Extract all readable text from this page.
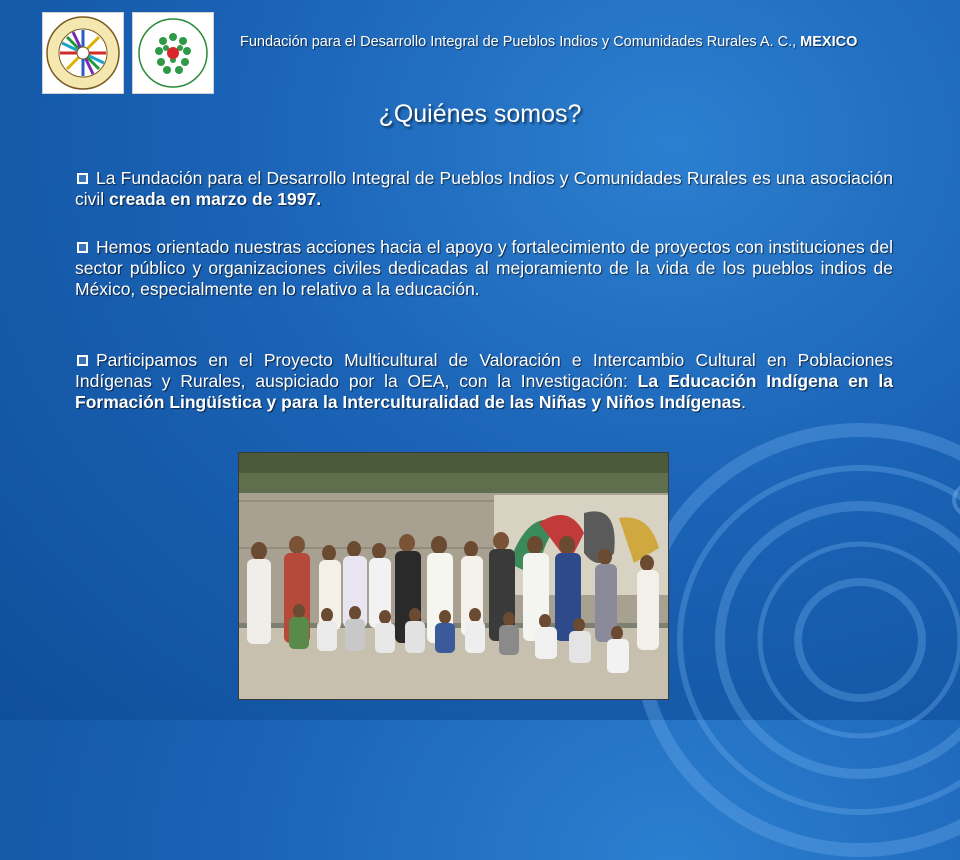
Fundación para el Desarrollo Integral de Pueblos Indios y Comunidades Rurales A. C., MEXICO
¿Quiénes somos?
La Fundación para el Desarrollo Integral de Pueblos Indios y Comunidades Rurales es una asociación civil creada en marzo de 1997.
Hemos orientado nuestras acciones hacia el apoyo y fortalecimiento de proyectos con instituciones del sector público y organizaciones civiles dedicadas al mejoramiento de la vida de los pueblos indios de México, especialmente en lo relativo a la educación.
Participamos en el Proyecto Multicultural de Valoración e Intercambio Cultural en Poblaciones Indígenas y Rurales, auspiciado por la OEA, con la Investigación: La Educación Indígena en la Formación Lingüística y para la Interculturalidad de las Niñas y Niños Indígenas.
